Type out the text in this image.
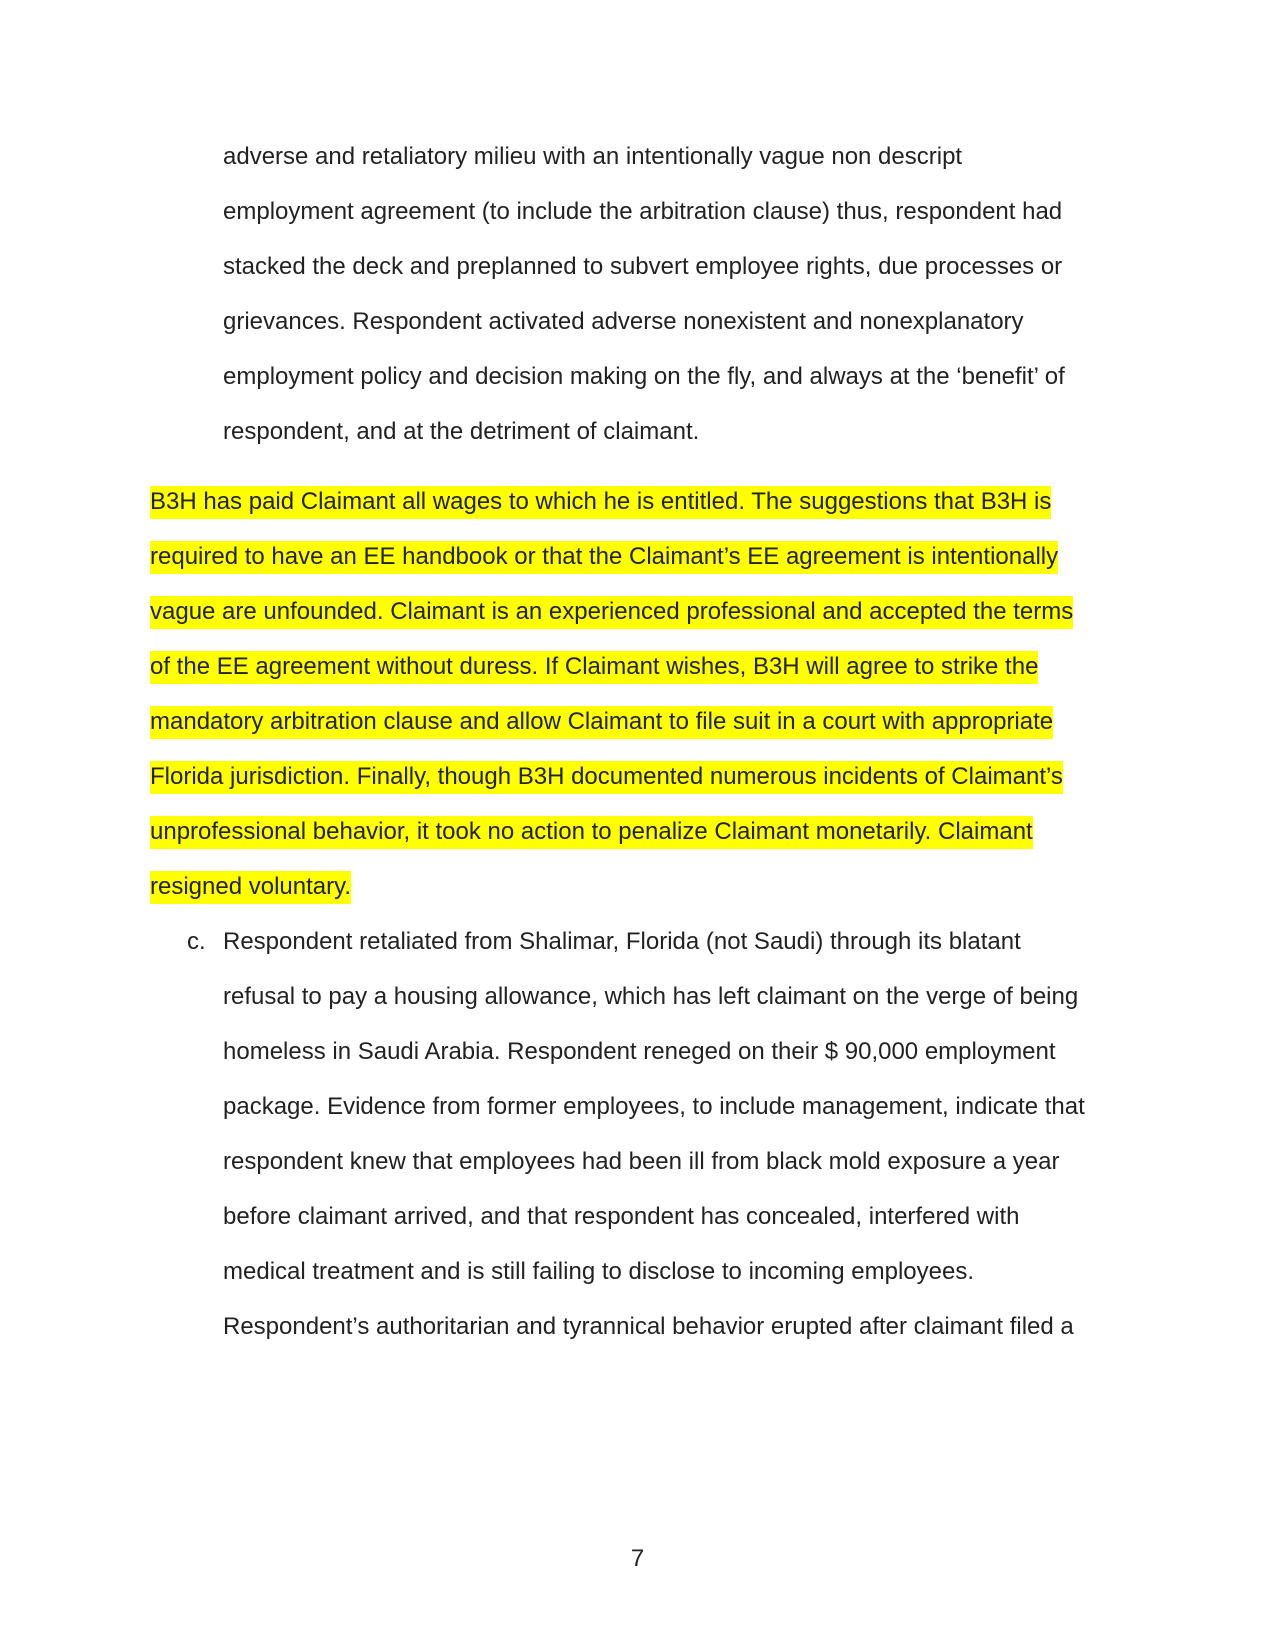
adverse and retaliatory milieu with an intentionally vague non descript
employment agreement (to include the arbitration clause) thus, respondent had
stacked the deck and preplanned to subvert employee rights, due processes or
grievances. Respondent activated adverse nonexistent and nonexplanatory
employment policy and decision making on the fly, and always at the ‘benefit’ of
respondent, and at the detriment of claimant.
B3H has paid Claimant all wages to which he is entitled. The suggestions that B3H is
required to have an EE handbook or that the Claimant’s EE agreement is intentionally
vague are unfounded. Claimant is an experienced professional and accepted the terms
of the EE agreement without duress. If Claimant wishes, B3H will agree to strike the
mandatory arbitration clause and allow Claimant to file suit in a court with appropriate
Florida jurisdiction. Finally, though B3H documented numerous incidents of Claimant’s
unprofessional behavior, it took no action to penalize Claimant monetarily. Claimant
resigned voluntary.
c. Respondent retaliated from Shalimar, Florida (not Saudi) through its blatant
refusal to pay a housing allowance, which has left claimant on the verge of being
homeless in Saudi Arabia. Respondent reneged on their $ 90,000 employment
package. Evidence from former employees, to include management, indicate that
respondent knew that employees had been ill from black mold exposure a year
before claimant arrived, and that respondent has concealed, interfered with
medical treatment and is still failing to disclose to incoming employees.
Respondent’s authoritarian and tyrannical behavior erupted after claimant filed a
7
